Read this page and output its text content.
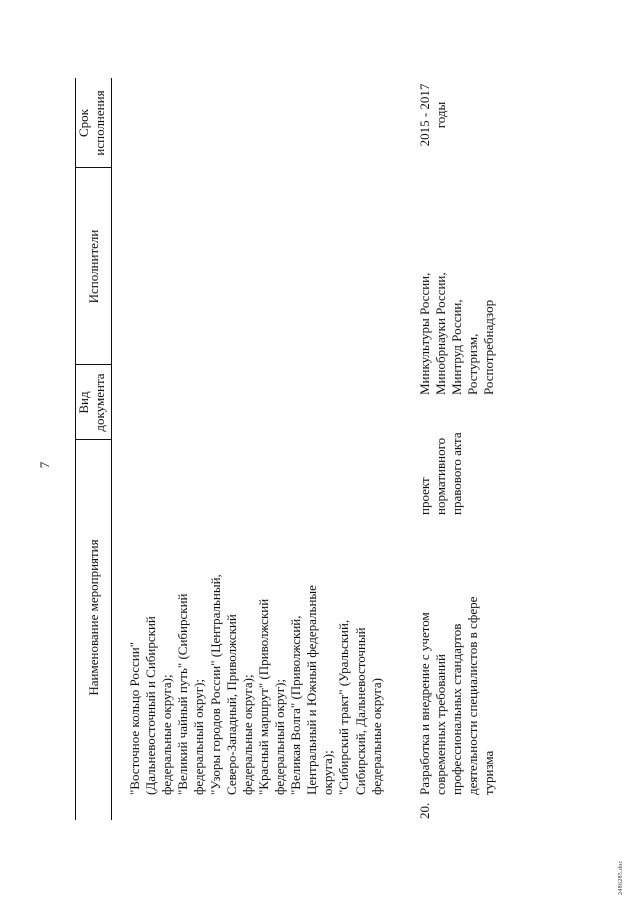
7
2486285.doc
Наименование мероприятия
Вид
документа
Исполнители
Срок
исполнения
"Восточное кольцо России"
(Дальневосточный и Сибирский
федеральные округа);
"Великий чайный путь" (Сибирский
федеральный округ);
"Узоры городов России" (Центральный,
Северо-Западный, Приволжский
федеральные округа);
"Красный маршрут" (Приволжский
федеральный округ);
"Великая Волга" (Приволжский,
Центральный и Южный федеральные
округа);
"Сибирский тракт" (Уральский,
Сибирский, Дальневосточный
федеральные округа)
20.
Разработка и внедрение с учетом
современных требований
профессиональных стандартов
деятельности специалистов в сфере
туризма
проект
нормативного
правового акта
Минкультуры России,
Минобрнауки России,
Минтруд России,
Ростуризм,
Роспотребнадзор
2015 - 2017
годы
